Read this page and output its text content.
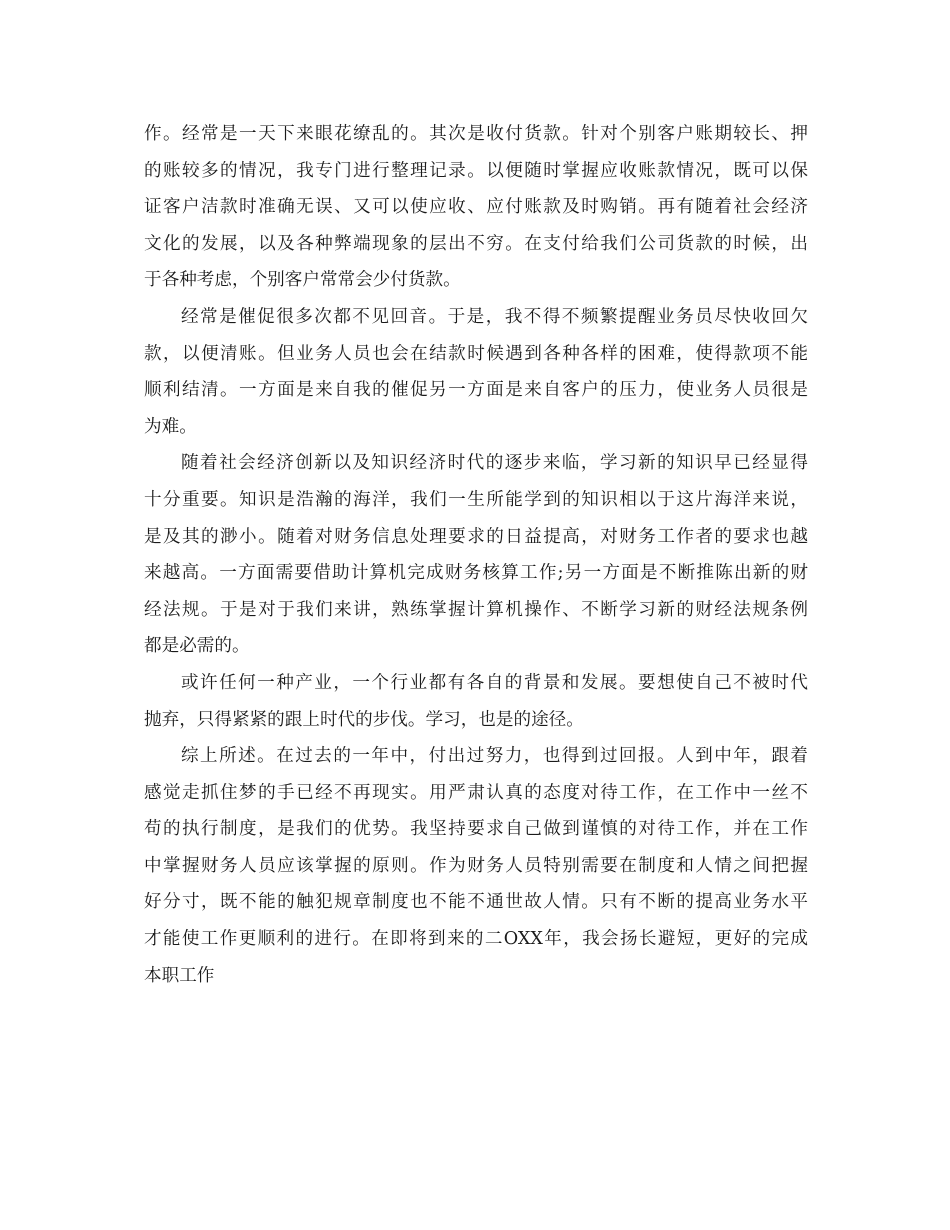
作。经常是一天下来眼花缭乱的。其次是收付货款。针对个别客户账期较长、押
的账较多的情况，我专门进行整理记录。以便随时掌握应收账款情况，既可以保
证客户洁款时准确无误、又可以使应收、应付账款及时购销。再有随着社会经济
文化的发展，以及各种弊端现象的层出不穷。在支付给我们公司货款的时候，出
于各种考虑，个别客户常常会少付货款。
经常是催促很多次都不见回音。于是，我不得不频繁提醒业务员尽快收回欠
款，以便清账。但业务人员也会在结款时候遇到各种各样的困难，使得款项不能
顺利结清。一方面是来自我的催促另一方面是来自客户的压力，使业务人员很是
为难。
随着社会经济创新以及知识经济时代的逐步来临，学习新的知识早已经显得
十分重要。知识是浩瀚的海洋，我们一生所能学到的知识相以于这片海洋来说，
是及其的渺小。随着对财务信息处理要求的日益提高，对财务工作者的要求也越
来越高。一方面需要借助计算机完成财务核算工作;另一方面是不断推陈出新的财
经法规。于是对于我们来讲，熟练掌握计算机操作、不断学习新的财经法规条例
都是必需的。
或许任何一种产业，一个行业都有各自的背景和发展。要想使自己不被时代
抛弃，只得紧紧的跟上时代的步伐。学习，也是的途径。
综上所述。在过去的一年中，付出过努力，也得到过回报。人到中年，跟着
感觉走抓住梦的手已经不再现实。用严肃认真的态度对待工作，在工作中一丝不
苟的执行制度，是我们的优势。我坚持要求自己做到谨慎的对待工作，并在工作
中掌握财务人员应该掌握的原则。作为财务人员特别需要在制度和人情之间把握
好分寸，既不能的触犯规章制度也不能不通世故人情。只有不断的提高业务水平
才能使工作更顺利的进行。在即将到来的二OXX年，我会扬长避短，更好的完成
本职工作
